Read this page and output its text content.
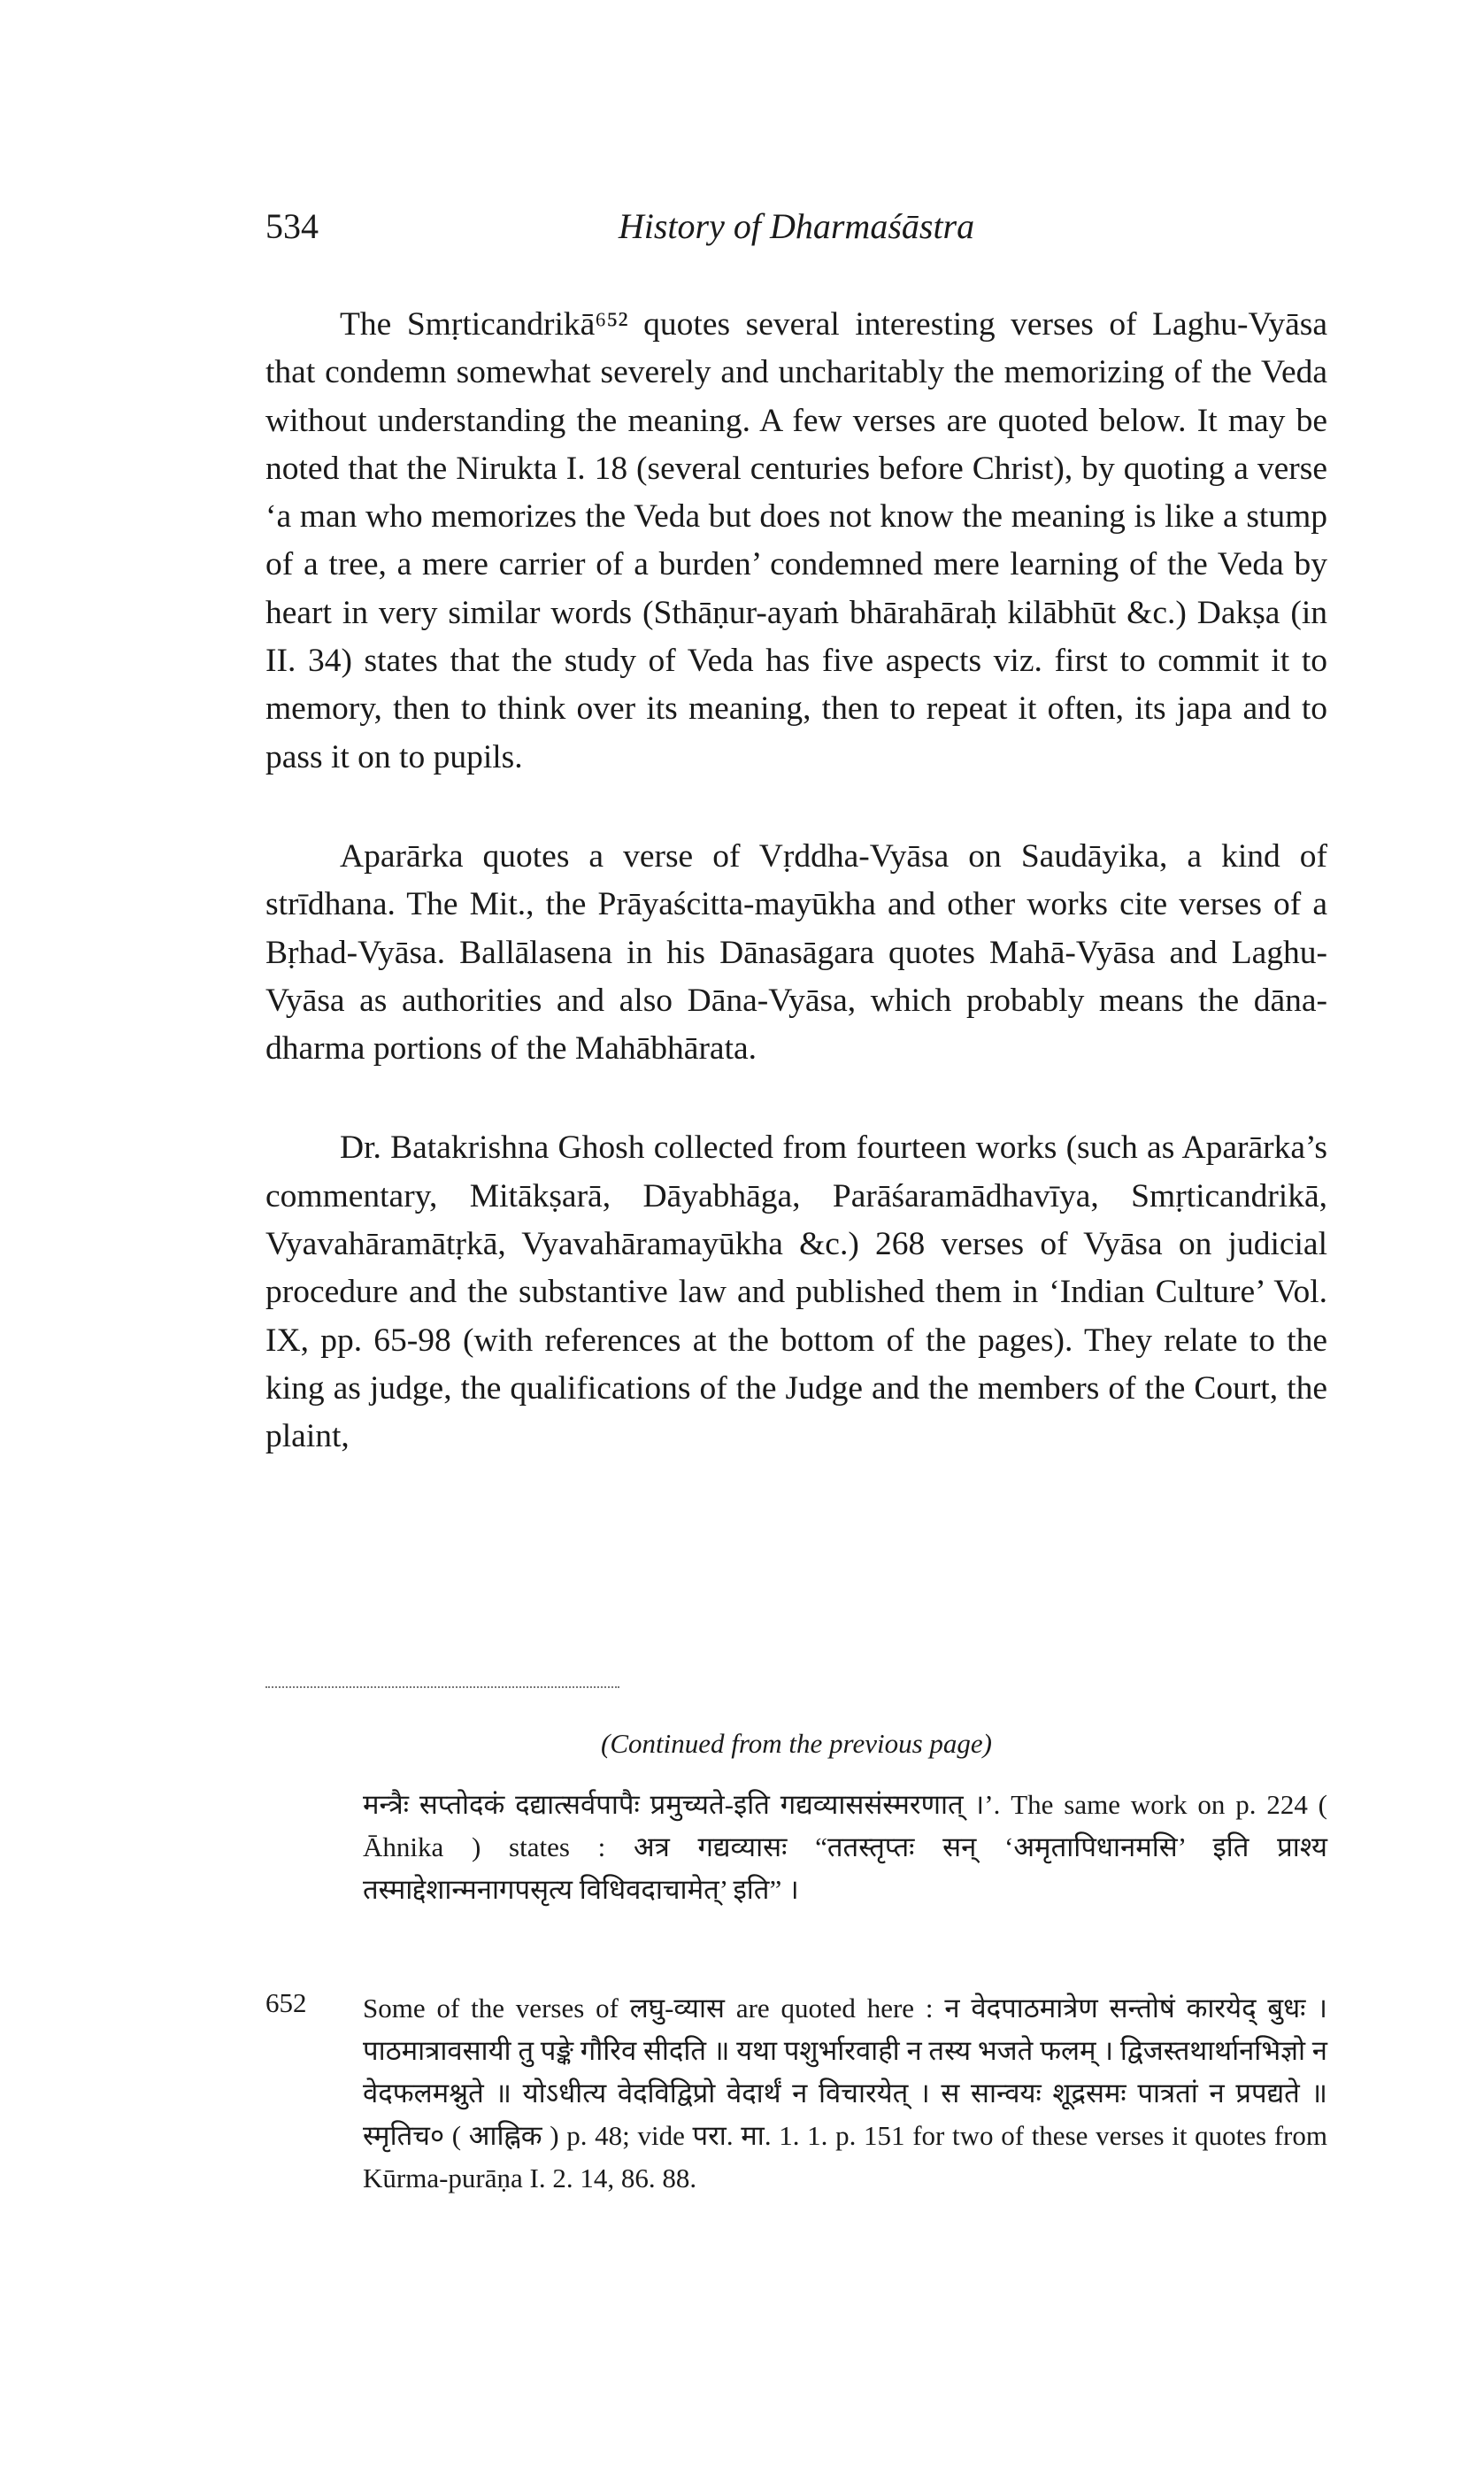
534	History of Dharmaśāstra

The Smṛticandrikā⁶⁵² quotes several interesting verses of Laghu-Vyāsa that condemn somewhat severely and uncharitably the memorizing of the Veda without understanding the meaning. A few verses are quoted below. It may be noted that the Nirukta I. 18 (several centuries before Christ), by quoting a verse ‘a man who memorizes the Veda but does not know the meaning is like a stump of a tree, a mere carrier of a burden’ condemned mere learning of the Veda by heart in very similar words (Sthāṇur-ayaṁ bhārahāraḥ kilābhūt &c.) Dakṣa (in II. 34) states that the study of Veda has five aspects viz. first to commit it to memory, then to think over its meaning, then to repeat it often, its japa and to pass it on to pupils.

Aparārka quotes a verse of Vṛddha-Vyāsa on Saudāyika, a kind of strīdhana. The Mit., the Prāyaścitta-mayūkha and other works cite verses of a Bṛhad-Vyāsa. Ballālasena in his Dānasāgara quotes Mahā-Vyāsa and Laghu-Vyāsa as authorities and also Dāna-Vyāsa, which probably means the dāna-dharma portions of the Mahābhārata.

Dr. Batakrishna Ghosh collected from fourteen works (such as Aparārka’s commentary, Mitākṣarā, Dāyabhāga, Parāśaramādhavīya, Smṛticandrikā, Vyavahāramātṛkā, Vyavahāramayūkha &c.) 268 verses of Vyāsa on judicial procedure and the substantive law and published them in ‘Indian Culture’ Vol. IX, pp. 65-98 (with references at the bottom of the pages). They relate to the king as judge, the qualifications of the Judge and the members of the Court, the plaint,

(Continued from the previous page)
मन्त्रैः सप्तोदकं दद्यात्सर्वपापैः प्रमुच्यते-इति गद्यव्याससंस्मरणात् ।’. The same work on p. 224 ( Āhnika ) states : अत्र गद्यव्यासः “ततस्तृप्तः सन् ‘अमृतापिधानमसि’ इति प्राश्य तस्माद्देशान्मनागपसृत्य विधिवदाचामेत्’ इति” ।
652 Some of the verses of लघु-व्यास are quoted here : न वेदपाठमात्रेण सन्तोषं कारयेद् बुधः । पाठमात्रावसायी तु पङ्के गौरिव सीदति ॥ यथा पशुर्भारवाही न तस्य भजते फलम् । द्विजस्तथार्थानभिज्ञो न वेदफलमश्नुते ॥ योऽधीत्य वेदविद्विप्रो वेदार्थं न विचारयेत् । स सान्वयः शूद्रसमः पात्रतां न प्रपद्यते ॥ स्मृतिच० ( आह्निक ) p. 48; vide परा. मा. 1. 1. p. 151 for two of these verses it quotes from Kūrma-purāṇa I. 2. 14, 86. 88.
